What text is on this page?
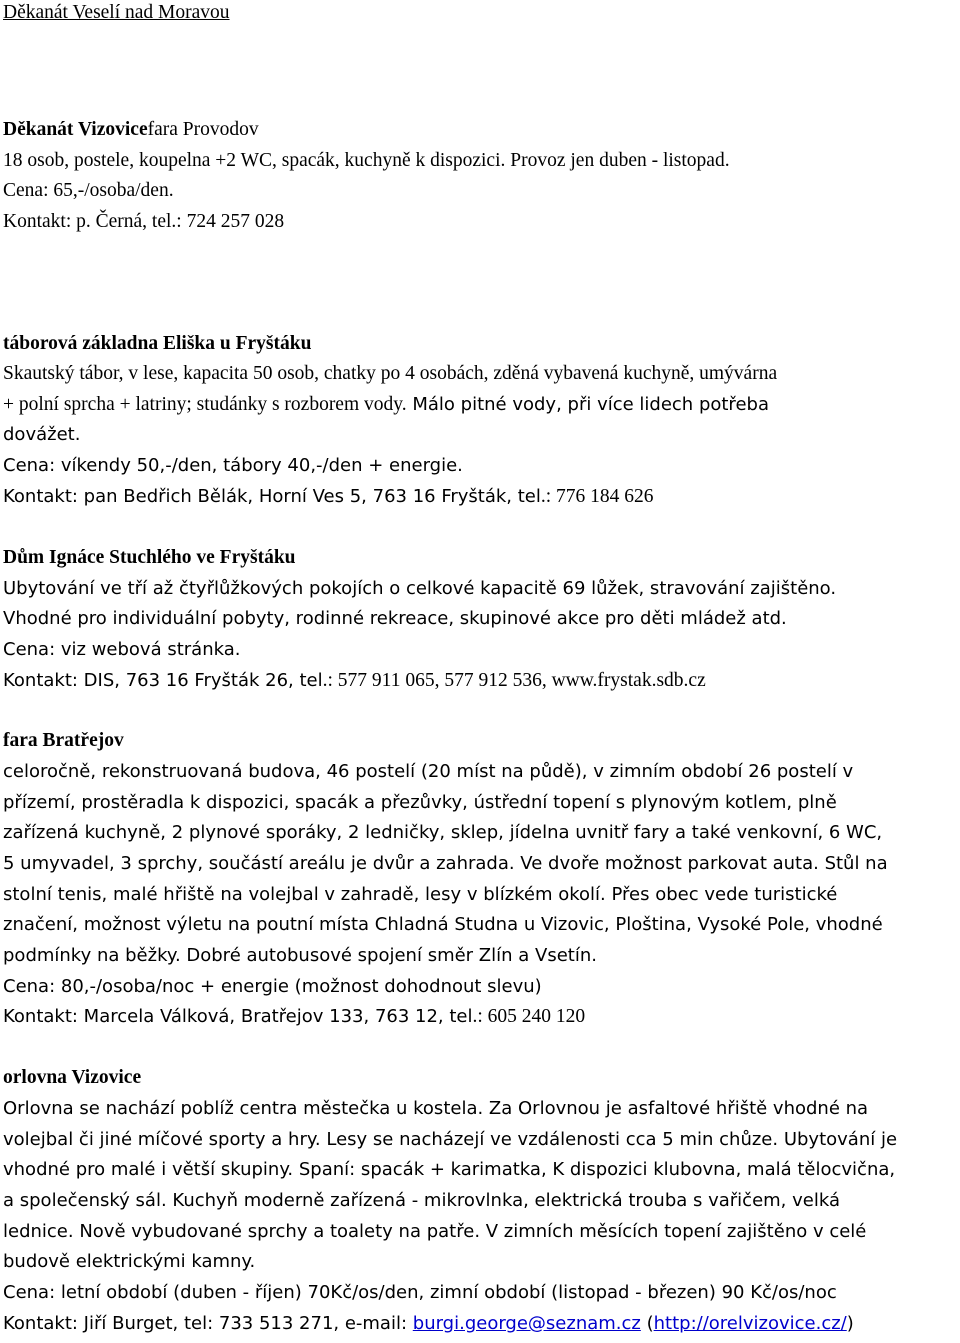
Děkanát Veselí nad Moravou
Děkanát Vizovicefara Provodov
18 osob, postele, koupelna +2 WC, spacák, kuchyně k dispozici. Provoz jen duben - listopad.
Cena: 65,-/osoba/den.
Kontakt: p. Černá, tel.: 724 257 028
táborová základna Eliška u Fryštáku
Skautský tábor, v lese, kapacita 50 osob, chatky po 4 osobách, zděná vybavená kuchyně, umývárna
+ polní sprcha + latriny; studánky s rozborem vody. Málo pitné vody, při více lidech potřeba
dovážet.
Cena: víkendy 50,-/den, tábory 40,-/den + energie.
Kontakt: pan Bedřich Bělák, Horní Ves 5, 763 16 Fryšták, tel.: 776 184 626
Dům Ignáce Stuchlého ve Fryštáku
Ubytování ve tří až čtyřlůžkových pokojích o celkové kapacitě 69 lůžek, stravování zajištěno.
Vhodné pro individuální pobyty, rodinné rekreace, skupinové akce pro děti mládež atd.
Cena: viz webová stránka.
Kontakt: DIS, 763 16 Fryšták 26, tel.: 577 911 065, 577 912 536, www.frystak.sdb.cz
fara Bratřejov
celoročně, rekonstruovaná budova, 46 postelí (20 míst na půdě), v zimním období 26 postelí v
přízemí, prostěradla k dispozici, spacák a přezůvky, ústřední topení s plynovým kotlem, plně
zařízená kuchyně, 2 plynové sporáky, 2 ledničky, sklep, jídelna uvnitř fary a také venkovní, 6 WC,
5 umyvadel, 3 sprchy, součástí areálu je dvůr a zahrada. Ve dvoře možnost parkovat auta. Stůl na
stolní tenis, malé hřiště na volejbal v zahradě, lesy v blízkém okolí. Přes obec vede turistické
značení, možnost výletu na poutní místa Chladná Studna u Vizovic, Ploština, Vysoké Pole, vhodné
podmínky na běžky. Dobré autobusové spojení směr Zlín a Vsetín.
Cena: 80,-/osoba/noc + energie (možnost dohodnout slevu)
Kontakt: Marcela Válková, Bratřejov 133, 763 12, tel.: 605 240 120
orlovna Vizovice
Orlovna se nachází poblíž centra městečka u kostela. Za Orlovnou je asfaltové hřiště vhodné na
volejbal či jiné míčové sporty a hry. Lesy se nacházejí ve vzdálenosti cca 5 min chůze. Ubytování je
vhodné pro malé i větší skupiny. Spaní: spacák + karimatka, K dispozici klubovna, malá tělocvična,
a společenský sál. Kuchyň moderně zařízená - mikrovlnka, elektrická trouba s vařičem, velká
lednice. Nově vybudované sprchy a toalety na patře. V zimních měsících topení zajištěno v celé
budově elektrickými kamny.
Cena: letní období (duben - říjen) 70Kč/os/den, zimní období (listopad - březen) 90 Kč/os/noc
Kontakt: Jiří Burget, tel: 733 513 271, e-mail: burgi.george@seznam.cz (http://orelvizovice.cz/)
